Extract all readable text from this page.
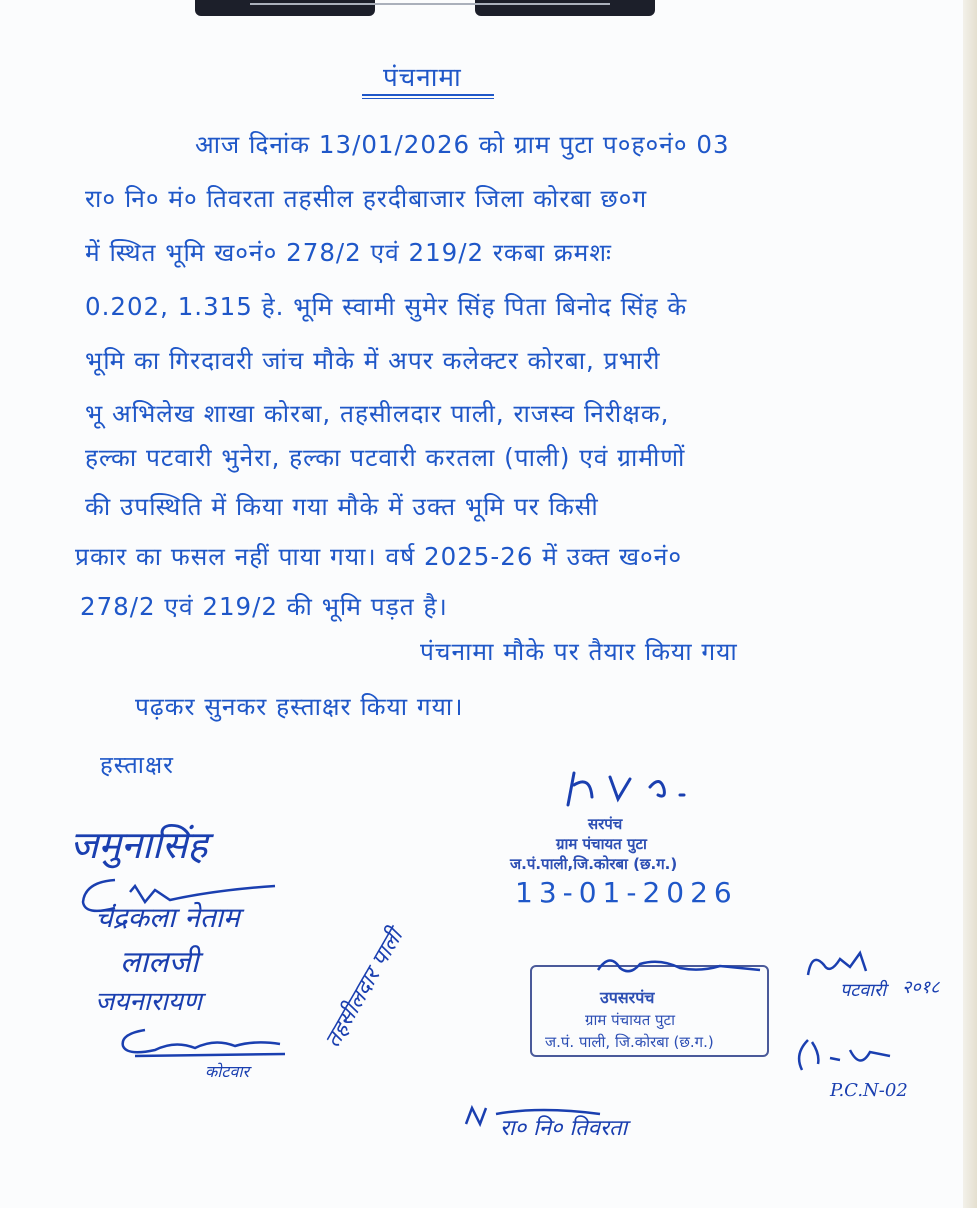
पंचनामा
आज दिनांक 13/01/2026 को ग्राम पुटा प०ह०नं० 03
रा० नि० मं० तिवरता तहसील हरदीबाजार जिला कोरबा छ०ग
में स्थित भूमि ख०नं० 278/2 एवं 219/2 रकबा क्रमशः
0.202, 1.315 हे. भूमि स्वामी सुमेर सिंह पिता बिनोद सिंह के
भूमि का गिरदावरी जांच मौके में अपर कलेक्टर कोरबा, प्रभारी
भू अभिलेख शाखा कोरबा, तहसीलदार पाली, राजस्व निरीक्षक,
हल्का पटवारी भुनेरा, हल्का पटवारी करतला (पाली) एवं ग्रामीणों
की उपस्थिति में किया गया मौके में उक्त भूमि पर किसी
प्रकार का फसल नहीं पाया गया। वर्ष 2025-26 में उक्त ख०नं०
278/2 एवं 219/2 की भूमि पड़त है।
पंचनामा मौके पर तैयार किया गया
पढ़कर सुनकर हस्ताक्षर किया गया।
हस्ताक्षर
सरपंच
ग्राम पंचायत पुटा
ज.पं.पाली,जि.कोरबा (छ.ग.)
13-01-2026
उपसरपंच
ग्राम पंचायत पुटा
ज.पं. पाली, जि.कोरबा (छ.ग.)
जमुनासिंह
चंद्रकला नेताम
लालजी
जयनारायण
कोटवार
तहसीलदार पाली
रा० नि० तिवरता
पटवारी २०१८
P.C.N-02
